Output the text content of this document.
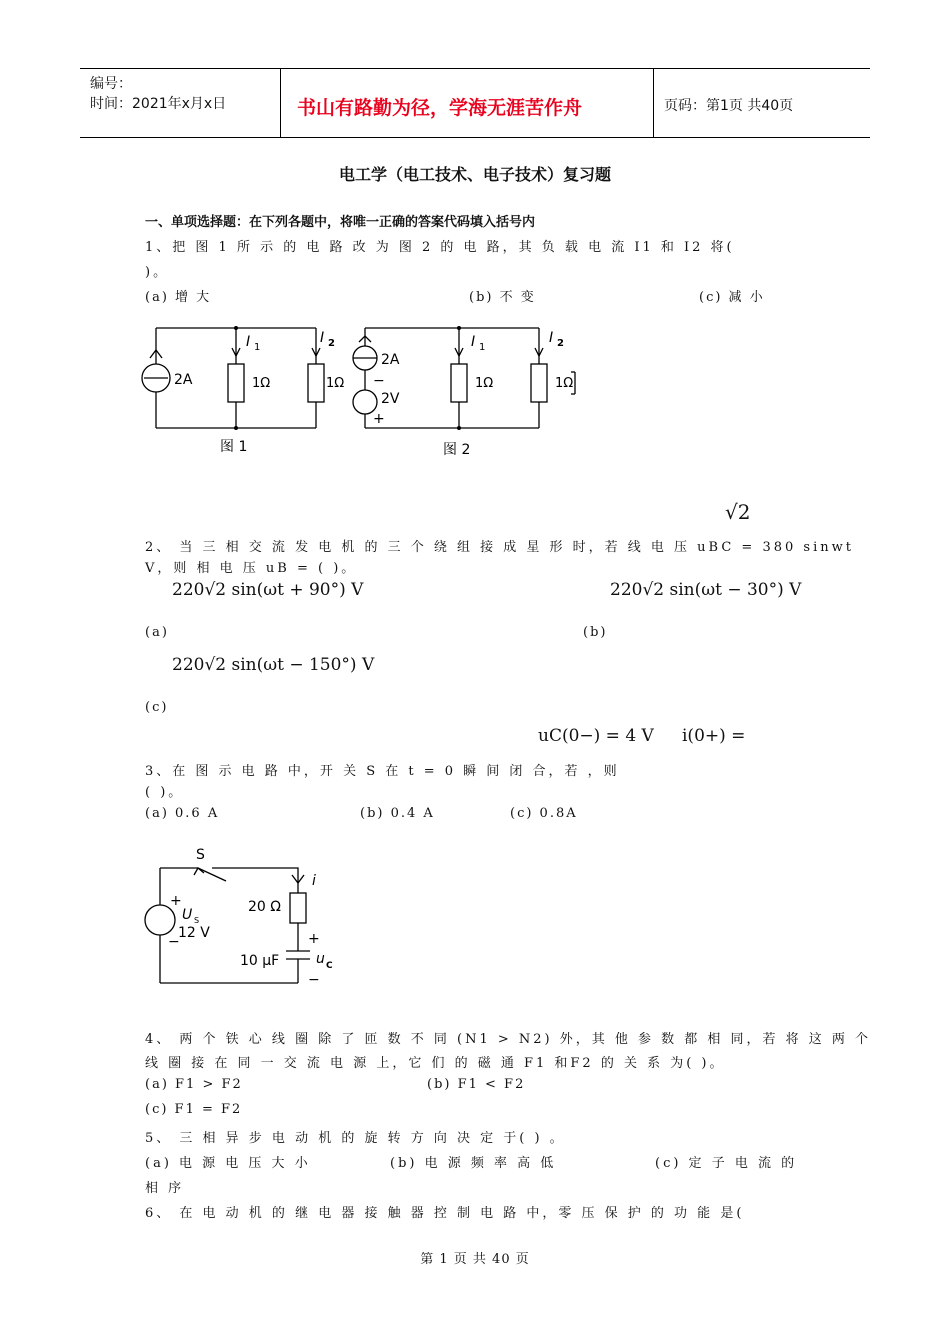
编号：
时间：2021年x月x日	书山有路勤为径，学海无涯苦作舟	页码：第1页 共40页
电工学（电工技术、电子技术）复习题
一、单项选择题：在下列各题中，将唯一正确的答案代码填入括号内
1、把 图 1 所 示 的 电 路 改 为 图 2 的 电 路，其 负 载 电 流 I1 和 I2 将(
)。
(a) 增 大	(b) 不 变	(c) 减 小
2A	1Ω	1Ω
I 1
I 2
图 1
2A
−
2V
+
1Ω	1Ω
I 1
I 2
图 2
√2
2、 当 三 相 交 流 发 电 机 的 三 个 绕 组 接 成 星 形 时，若 线 电 压 uBC = 380 sinwt
V，则 相 电 压 uB = ( )。
220√2 sin(ωt + 90°) V	220√2 sin(ωt − 30°) V
(a)	(b)
220√2 sin(ωt − 150°) V
(c)
uC(0−) = 4 V i(0+) =
3、在 图 示 电 路 中，开 关 S 在 t = 0 瞬 间 闭 合，若 ，则
( )。
(a) 0.6 A	(b) 0.4 A	(c) 0.8A
S
i
+
U S
12 V
−
20 Ω
+
10 μF	u C
−
4、 两 个 铁 心 线 圈 除 了 匝 数 不 同 (N1 > N2) 外，其 他 参 数 都 相 同，若 将 这 两 个
线 圈 接 在 同 一 交 流 电 源 上，它 们 的 磁 通 F1 和F2 的 关 系 为( )。
(a) F1 > F2	(b) F1 < F2
(c) F1 = F2
5、 三 相 异 步 电 动 机 的 旋 转 方 向 决 定 于( ) 。
(a) 电 源 电 压 大 小	(b) 电 源 频 率 高 低	(c) 定 子 电 流 的
相 序
6、 在 电 动 机 的 继 电 器 接 触 器 控 制 电 路 中，零 压 保 护 的 功 能 是(
第 1 页 共 40 页
